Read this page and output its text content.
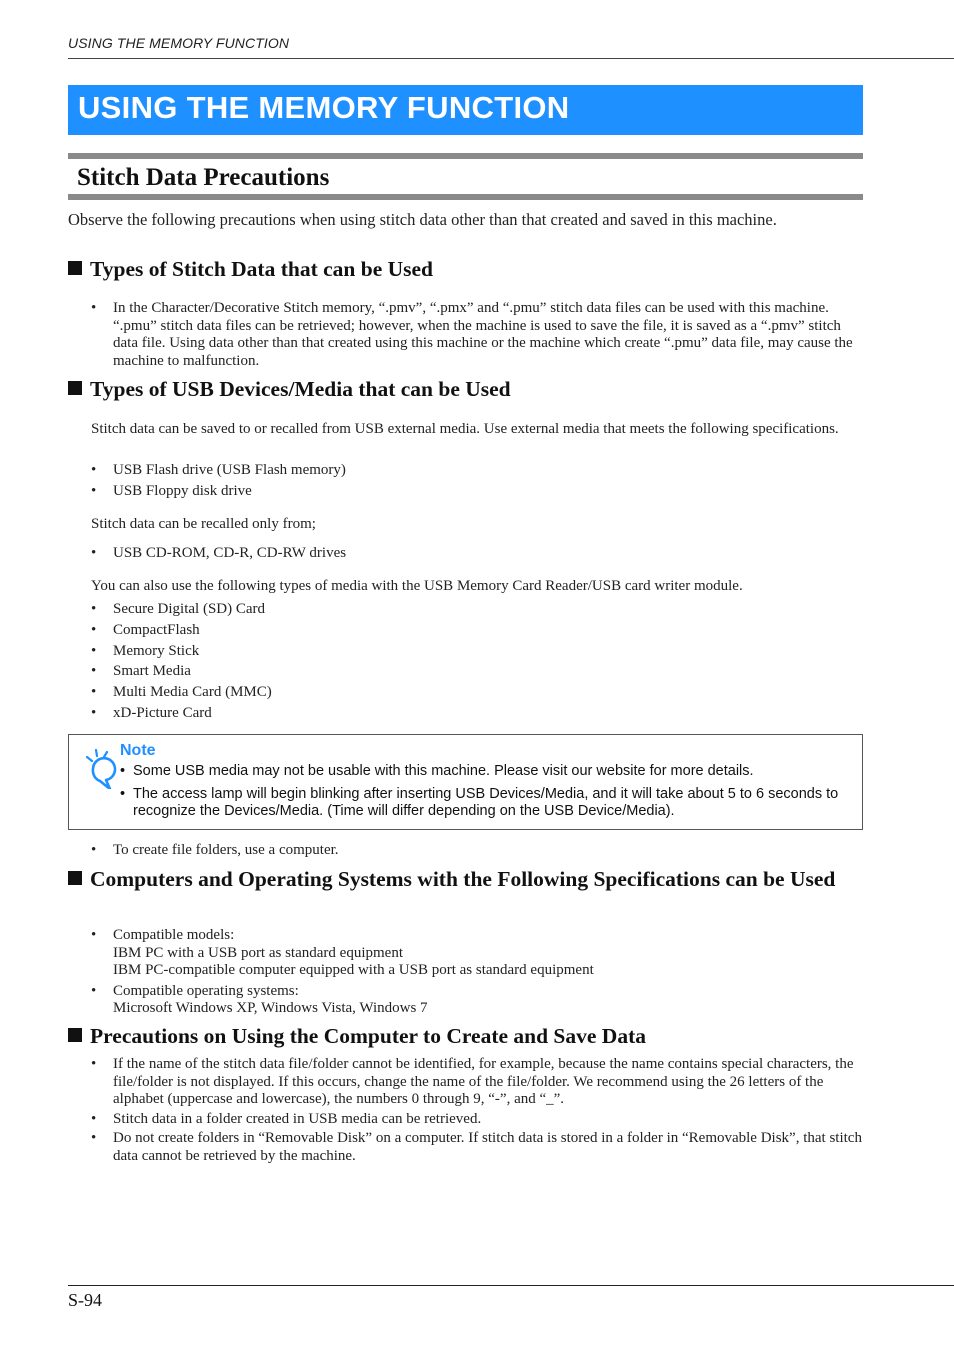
USING THE MEMORY FUNCTION
USING THE MEMORY FUNCTION
Stitch Data Precautions
Observe the following precautions when using stitch data other than that created and saved in this machine.
Types of Stitch Data that can be Used
• In the Character/Decorative Stitch memory, “.pmv”, “.pmx” and “.pmu” stitch data files can be used with this machine. “.pmu” stitch data files can be retrieved; however, when the machine is used to save the file, it is saved as a “.pmv” stitch data file. Using data other than that created using this machine or the machine which create “.pmu” data file, may cause the machine to malfunction.
Types of USB Devices/Media that can be Used
Stitch data can be saved to or recalled from USB external media. Use external media that meets the following specifications.
• USB Flash drive (USB Flash memory)
• USB Floppy disk drive
Stitch data can be recalled only from;
• USB CD-ROM, CD-R, CD-RW drives
You can also use the following types of media with the USB Memory Card Reader/USB card writer module.
• Secure Digital (SD) Card
• CompactFlash
• Memory Stick
• Smart Media
• Multi Media Card (MMC)
• xD-Picture Card
Note
• Some USB media may not be usable with this machine. Please visit our website for more details.
• The access lamp will begin blinking after inserting USB Devices/Media, and it will take about 5 to 6 seconds to recognize the Devices/Media. (Time will differ depending on the USB Device/Media).
• To create file folders, use a computer.
Computers and Operating Systems with the Following Specifications can be Used
• Compatible models:
IBM PC with a USB port as standard equipment
IBM PC-compatible computer equipped with a USB port as standard equipment
• Compatible operating systems:
Microsoft Windows XP, Windows Vista, Windows 7
Precautions on Using the Computer to Create and Save Data
• If the name of the stitch data file/folder cannot be identified, for example, because the name contains special characters, the file/folder is not displayed. If this occurs, change the name of the file/folder. We recommend using the 26 letters of the alphabet (uppercase and lowercase), the numbers 0 through 9, “-”, and “_”.
• Stitch data in a folder created in USB media can be retrieved.
• Do not create folders in “Removable Disk” on a computer. If stitch data is stored in a folder in “Removable Disk”, that stitch data cannot be retrieved by the machine.
S-94
